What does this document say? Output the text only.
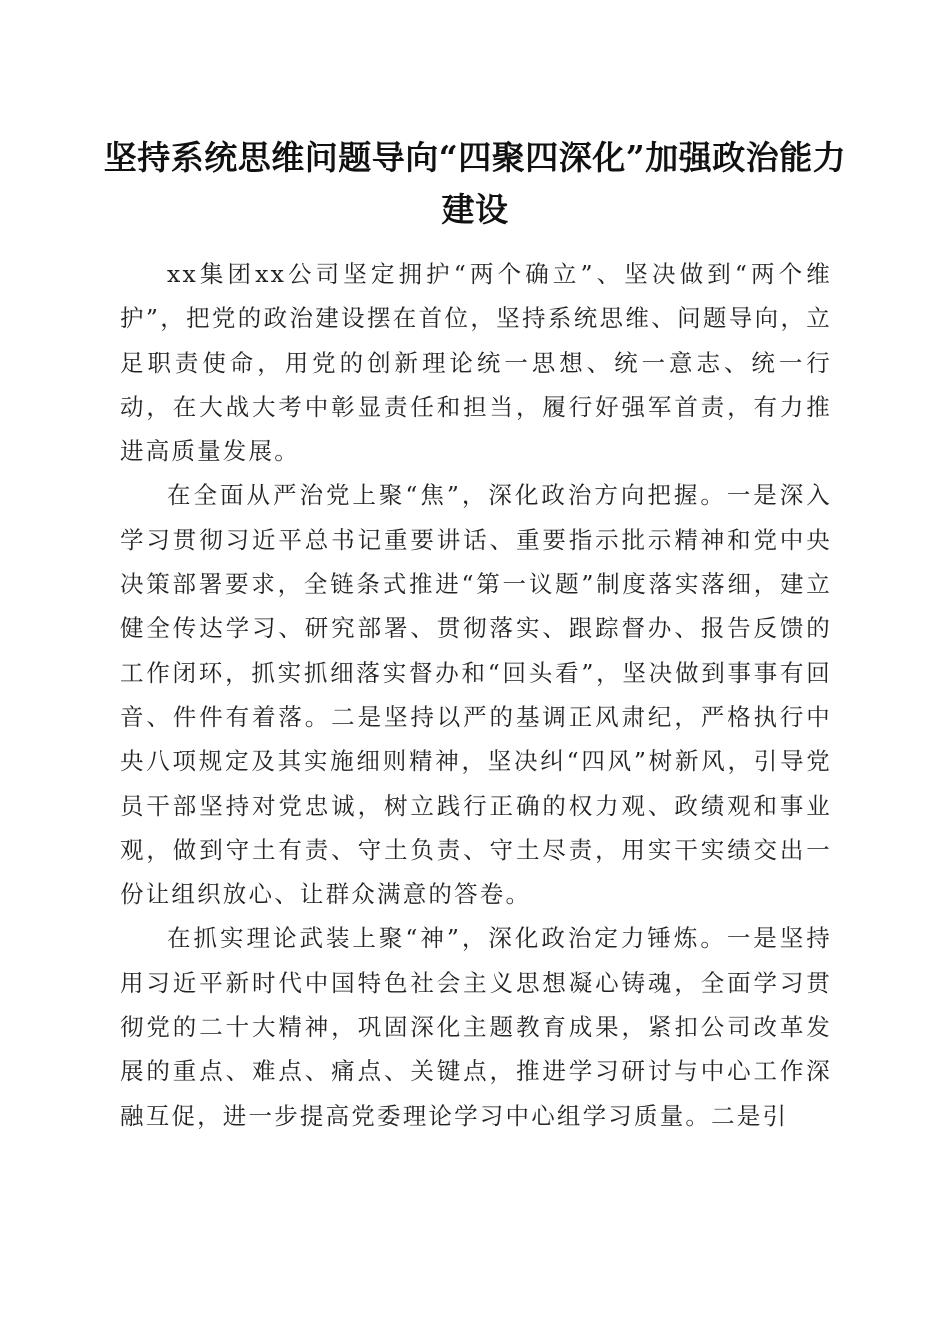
坚持系统思维问题导向“四聚四深化”加强政治能力建设

xx集团xx公司坚定拥护“两个确立”、坚决做到“两个维护”，把党的政治建设摆在首位，坚持系统思维、问题导向，立足职责使命，用党的创新理论统一思想、统一意志、统一行动，在大战大考中彰显责任和担当，履行好强军首责，有力推进高质量发展。

在全面从严治党上聚“焦”，深化政治方向把握。一是深入学习贯彻习近平总书记重要讲话、重要指示批示精神和党中央决策部署要求，全链条式推进“第一议题”制度落实落细，建立健全传达学习、研究部署、贯彻落实、跟踪督办、报告反馈的工作闭环，抓实抓细落实督办和“回头看”，坚决做到事事有回音、件件有着落。二是坚持以严的基调正风肃纪，严格执行中央八项规定及其实施细则精神，坚决纠“四风”树新风，引导党员干部坚持对党忠诚，树立践行正确的权力观、政绩观和事业观，做到守土有责、守土负责、守土尽责，用实干实绩交出一份让组织放心、让群众满意的答卷。

在抓实理论武装上聚“神”，深化政治定力锤炼。一是坚持用习近平新时代中国特色社会主义思想凝心铸魂，全面学习贯彻党的二十大精神，巩固深化主题教育成果，紧扣公司改革发展的重点、难点、痛点、关键点，推进学习研讨与中心工作深融互促，进一步提高党委理论学习中心组学习质量。二是引
